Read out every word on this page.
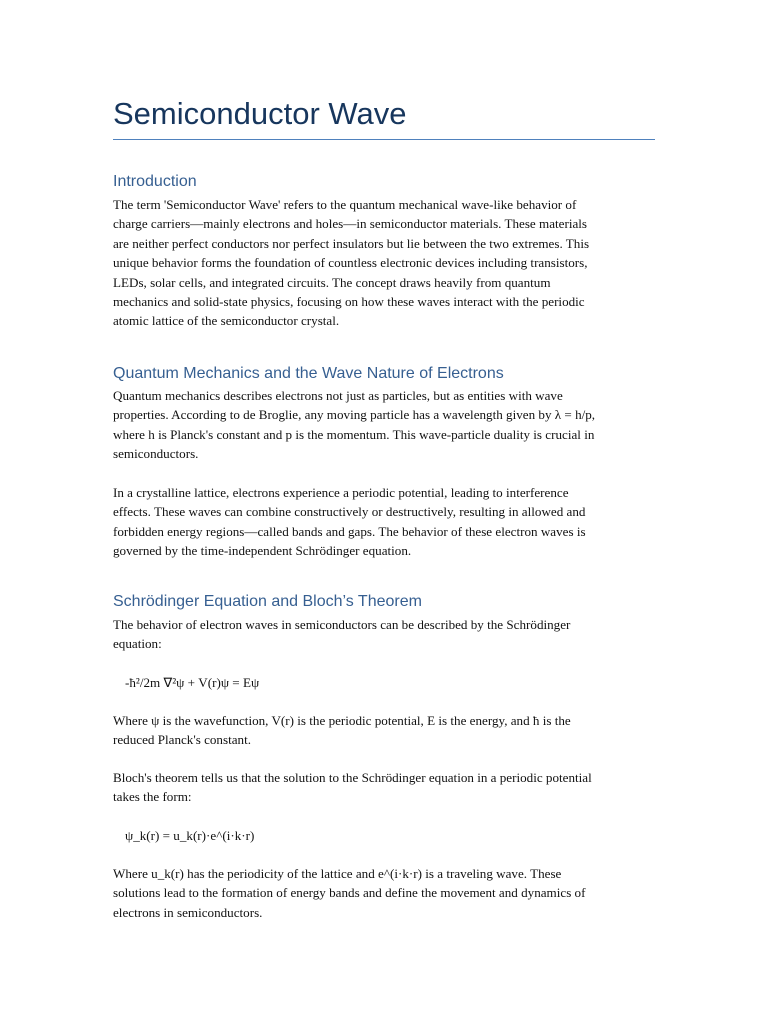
Semiconductor Wave
Introduction
The term 'Semiconductor Wave' refers to the quantum mechanical wave-like behavior of
charge carriers—mainly electrons and holes—in semiconductor materials. These materials
are neither perfect conductors nor perfect insulators but lie between the two extremes. This
unique behavior forms the foundation of countless electronic devices including transistors,
LEDs, solar cells, and integrated circuits. The concept draws heavily from quantum
mechanics and solid-state physics, focusing on how these waves interact with the periodic
atomic lattice of the semiconductor crystal.
Quantum Mechanics and the Wave Nature of Electrons
Quantum mechanics describes electrons not just as particles, but as entities with wave
properties. According to de Broglie, any moving particle has a wavelength given by λ = h/p,
where h is Planck's constant and p is the momentum. This wave-particle duality is crucial in
semiconductors.
In a crystalline lattice, electrons experience a periodic potential, leading to interference
effects. These waves can combine constructively or destructively, resulting in allowed and
forbidden energy regions—called bands and gaps. The behavior of these electron waves is
governed by the time-independent Schrödinger equation.
Schrödinger Equation and Bloch’s Theorem
The behavior of electron waves in semiconductors can be described by the Schrödinger
equation:
-ħ²/2m ∇²ψ + V(r)ψ = Eψ
Where ψ is the wavefunction, V(r) is the periodic potential, E is the energy, and ħ is the
reduced Planck's constant.
Bloch's theorem tells us that the solution to the Schrödinger equation in a periodic potential
takes the form:
ψ_k(r) = u_k(r)·e^(i·k·r)
Where u_k(r) has the periodicity of the lattice and e^(i·k·r) is a traveling wave. These
solutions lead to the formation of energy bands and define the movement and dynamics of
electrons in semiconductors.
